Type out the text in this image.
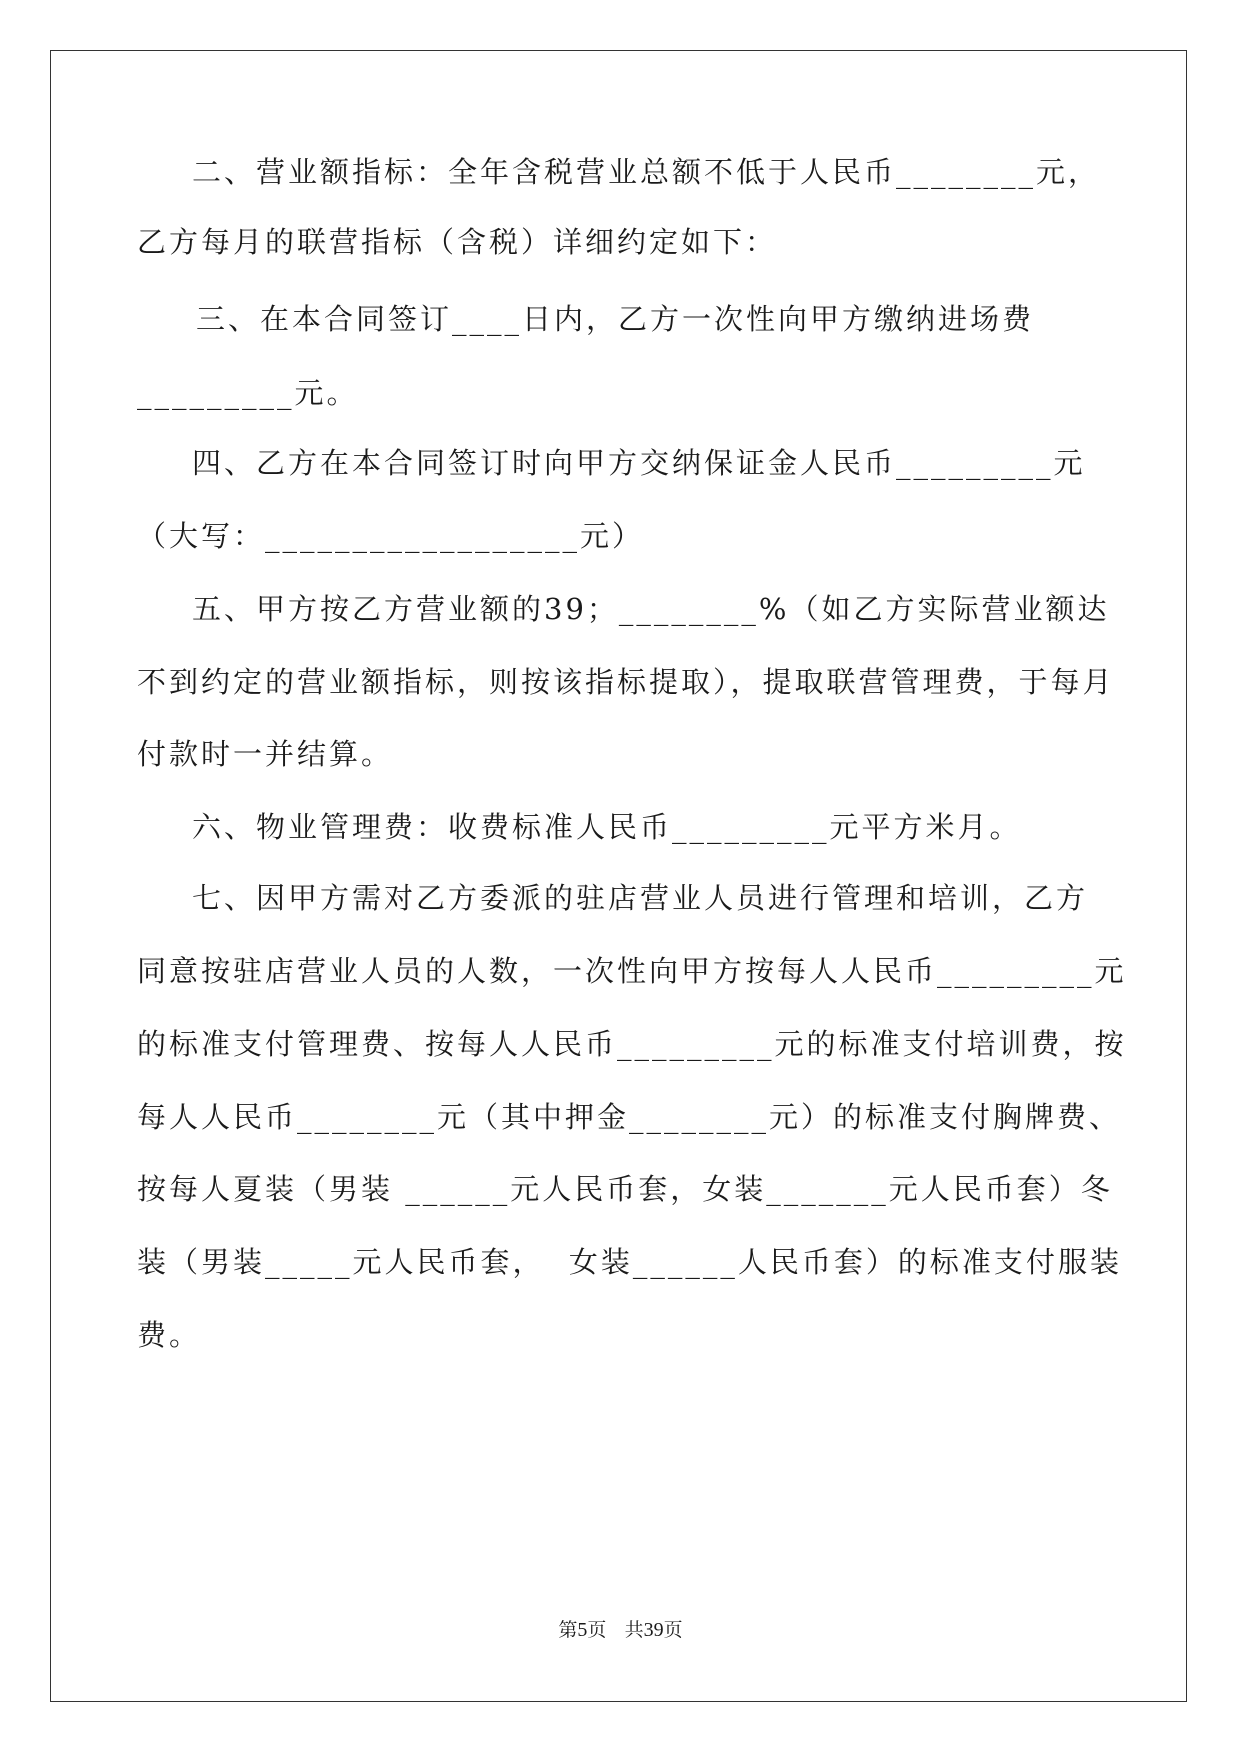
二、营业额指标：全年含税营业总额不低于人民币________元，
乙方每月的联营指标（含税）详细约定如下：
三、在本合同签订____日内，乙方一次性向甲方缴纳进场费
_________元。
四、乙方在本合同签订时向甲方交纳保证金人民币_________元
（大写：__________________元）
五、甲方按乙方营业额的39；________%（如乙方实际营业额达
不到约定的营业额指标，则按该指标提取），提取联营管理费，于每月
付款时一并结算。
六、物业管理费：收费标准人民币_________元平方米月。
七、因甲方需对乙方委派的驻店营业人员进行管理和培训，乙方
同意按驻店营业人员的人数，一次性向甲方按每人人民币_________元
的标准支付管理费、按每人人民币_________元的标准支付培训费，按
每人人民币________元（其中押金________元）的标准支付胸牌费、
按每人夏装（男装 ______元人民币套，女装_______元人民币套）冬
装（男装_____元人民币套，  女装______人民币套）的标准支付服装
费。
第5页 共39页
